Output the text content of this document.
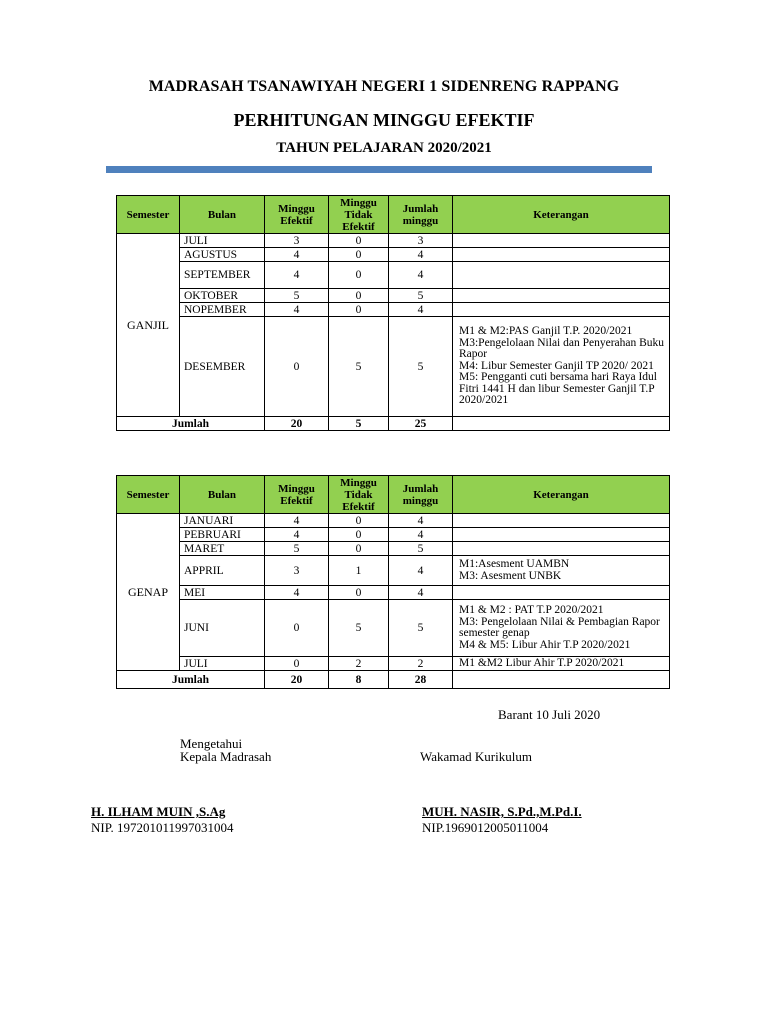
MADRASAH TSANAWIYAH NEGERI 1 SIDENRENG RAPPANG
PERHITUNGAN MINGGU EFEKTIF
TAHUN PELAJARAN 2020/2021
Semester	Bulan	Minggu Efektif	Minggu Tidak Efektif	Jumlah minggu	Keterangan
GANJIL	JULI	3	0	3	
	AGUSTUS	4	0	4	
	SEPTEMBER	4	0	4	
	OKTOBER	5	0	5	
	NOPEMBER	4	0	4	
	DESEMBER	0	5	5	M1 & M2:PAS Ganjil T.P. 2020/2021
M3:Pengelolaan Nilai dan Penyerahan Buku Rapor
M4: Libur Semester Ganjil TP 2020/ 2021
M5: Pengganti cuti bersama hari Raya Idul Fitri 1441 H dan libur Semester Ganjil T.P 2020/2021

Jumlah		20	5	25	
Semester	Bulan	Minggu Efektif	Minggu Tidak Efektif	Jumlah minggu	Keterangan
GENAP	JANUARI	4	0	4	
	PEBRUARI	4	0	4	
	MARET	5	0	5	
	APPRIL	3	1	4	M1:Asesment UAMBN
M3: Asesment UNBK

	MEI	4	0	4	
	JUNI	0	5	5	M1 & M2 : PAT T.P 2020/2021
M3: Pengelolaan Nilai & Pembagian Rapor semester genap
M4 & M5: Libur Ahir T.P 2020/2021

	JULI	0	2	2	M1 &M2 Libur Ahir T.P 2020/2021

Jumlah		20	8	28	
Barant 10 Juli 2020
Mengetahui
Kepala Madrasah	Wakamad Kurikulum
H. ILHAM MUIN ,S.Ag
NIP. 197201011997031004
MUH. NASIR, S.Pd.,M.Pd.I.
NIP.196901200501100​4
